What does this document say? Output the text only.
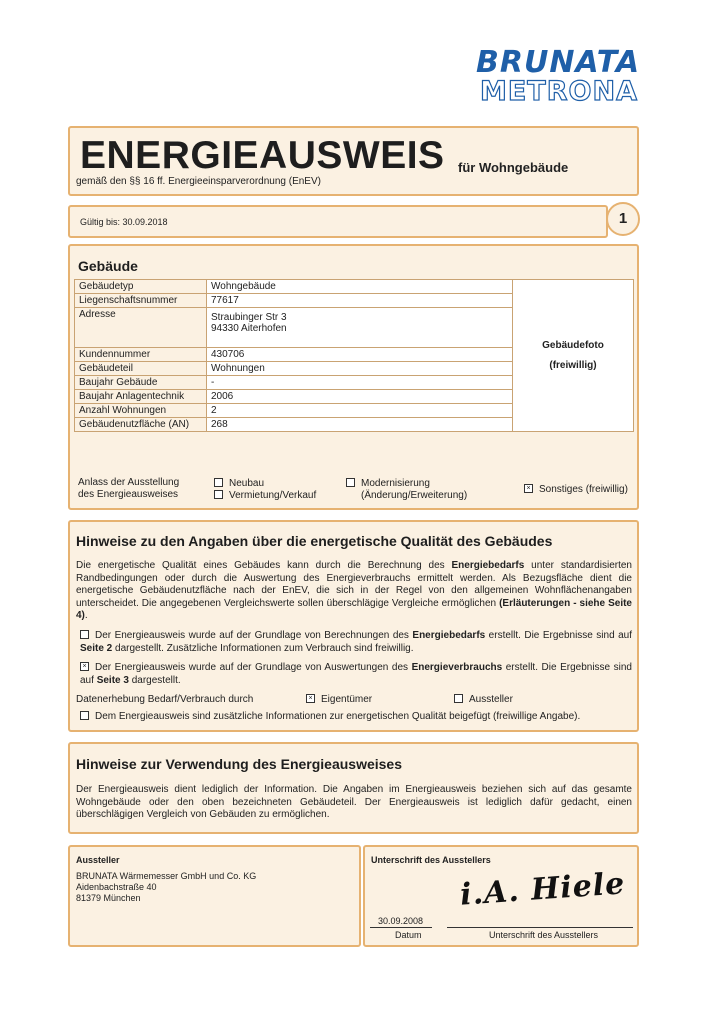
BRUNATA
METRONA
ENERGIEAUSWEIS für Wohngebäude
gemäß den §§ 16 ff. Energieeinsparverordnung (EnEV)
Gültig bis: 30.09.2018	1
Gebäude
Gebäudetyp	Wohngebäude	Gebäudefoto
(freiwillig)

Liegenschaftsnummer	77617	
Adresse	Straubinger Str 3
94330 Aiterhofen	

Kundennummer	430706	
Gebäudeteil	Wohnungen	
Baujahr Gebäude	-	
Baujahr Anlagentechnik	2006	
Anzahl Wohnungen	2	
Gebäudenutzfläche (AN)	268	
Anlass der Ausstellung
des Energieausweises
Neubau
Vermietung/Verkauf
Modernisierung
(Änderung/Erweiterung)
× Sonstiges (freiwillig)
Hinweise zu den Angaben über die energetische Qualität des Gebäudes
Die energetische Qualität eines Gebäudes kann durch die Berechnung des Energiebedarfs unter standardisierten Randbedingungen oder durch die Auswertung des Energieverbrauchs ermittelt werden. Als Bezugsfläche dient die energetische Gebäudenutzfläche nach der EnEV, die sich in der Regel von den allgemeinen Wohnflächenangaben unterscheidet. Die angegebenen Vergleichswerte sollen überschlägige Vergleiche ermöglichen (Erläuterungen - siehe Seite 4).
Der Energieausweis wurde auf der Grundlage von Berechnungen des Energiebedarfs erstellt. Die Ergebnisse sind auf Seite 2 dargestellt. Zusätzliche Informationen zum Verbrauch sind freiwillig.
× Der Energieausweis wurde auf der Grundlage von Auswertungen des Energieverbrauchs erstellt. Die Ergebnisse sind auf Seite 3 dargestellt.
Datenerhebung Bedarf/Verbrauch durch	× Eigentümer	Aussteller
Dem Energieausweis sind zusätzliche Informationen zur energetischen Qualität beigefügt (freiwillige Angabe).
Hinweise zur Verwendung des Energieausweises
Der Energieausweis dient lediglich der Information. Die Angaben im Energieausweis beziehen sich auf das gesamte Wohngebäude oder den oben bezeichneten Gebäudeteil. Der Energieausweis ist lediglich dafür gedacht, einen überschlägigen Vergleich von Gebäuden zu ermöglichen.
Aussteller
BRUNATA Wärmemesser GmbH und Co. KG
Aidenbachstraße 40
81379 München
Unterschrift des Ausstellers
i.A. Hiele
30.09.2008
Datum	Unterschrift des Ausstellers
